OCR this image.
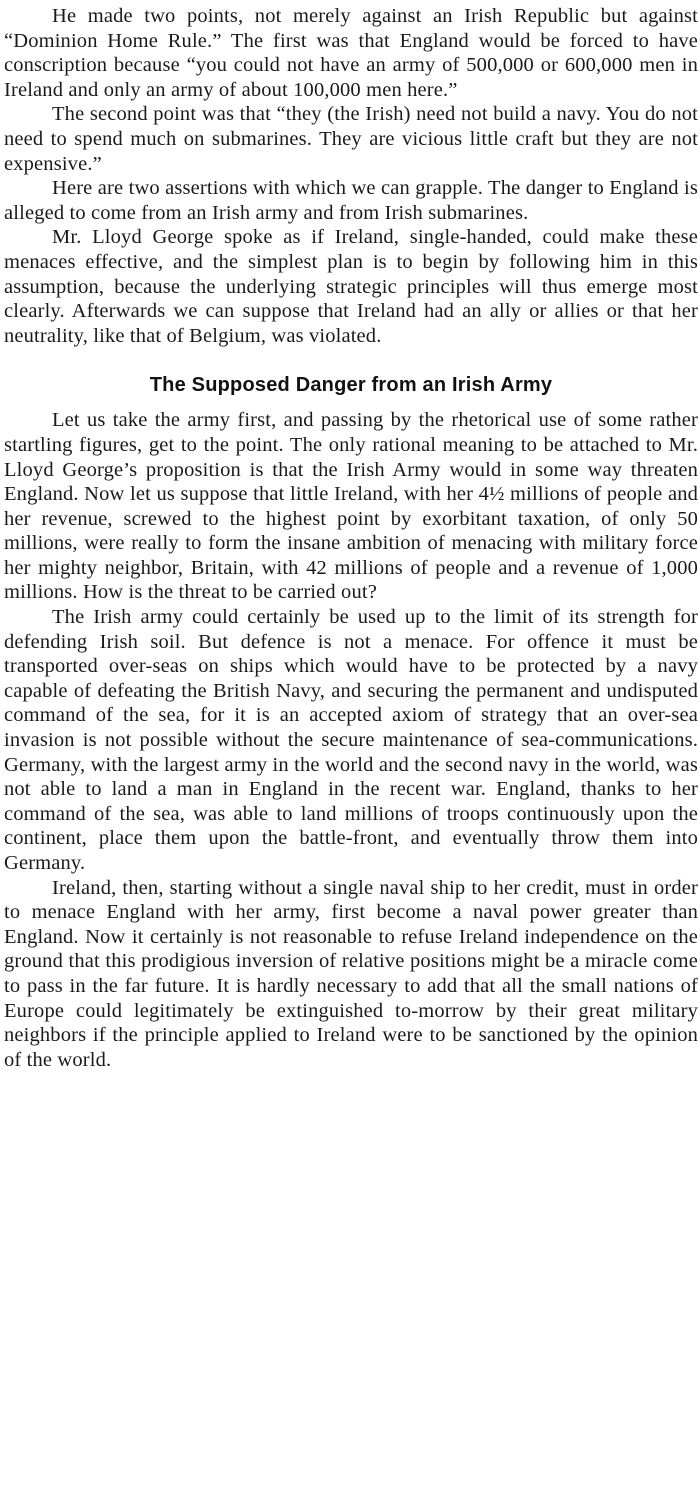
He made two points, not merely against an Irish Republic but against “Dominion Home Rule.” The first was that England would be forced to have conscription because “you could not have an army of 500,000 or 600,000 men in Ireland and only an army of about 100,000 men here.”

The second point was that “they (the Irish) need not build a navy. You do not need to spend much on submarines. They are vicious little craft but they are not expensive.”

Here are two assertions with which we can grapple. The danger to England is alleged to come from an Irish army and from Irish submarines.

Mr. Lloyd George spoke as if Ireland, single-handed, could make these menaces effective, and the simplest plan is to begin by following him in this assumption, because the underlying strategic principles will thus emerge most clearly. Afterwards we can suppose that Ireland had an ally or allies or that her neutrality, like that of Belgium, was violated.

The Supposed Danger from an Irish Army

Let us take the army first, and passing by the rhetorical use of some rather startling figures, get to the point. The only rational meaning to be attached to Mr. Lloyd George’s proposition is that the Irish Army would in some way threaten England. Now let us suppose that little Ireland, with her 4½ millions of people and her revenue, screwed to the highest point by exorbitant taxation, of only 50 millions, were really to form the insane ambition of menacing with military force her mighty neighbor, Britain, with 42 millions of people and a revenue of 1,000 millions. How is the threat to be carried out?

The Irish army could certainly be used up to the limit of its strength for defending Irish soil. But defence is not a menace. For offence it must be transported over-seas on ships which would have to be protected by a navy capable of defeating the British Navy, and securing the permanent and undisputed command of the sea, for it is an accepted axiom of strategy that an over-sea invasion is not possible without the secure maintenance of sea-communications. Germany, with the largest army in the world and the second navy in the world, was not able to land a man in England in the recent war. England, thanks to her command of the sea, was able to land millions of troops continuously upon the continent, place them upon the battle-front, and eventually throw them into Germany.

Ireland, then, starting without a single naval ship to her credit, must in order to menace England with her army, first become a naval power greater than England. Now it certainly is not reasonable to refuse Ireland independence on the ground that this prodigious inversion of relative positions might be a miracle come to pass in the far future. It is hardly necessary to add that all the small nations of Europe could legitimately be extinguished to-morrow by their great military neighbors if the principle applied to Ireland were to be sanctioned by the opinion of the world.
